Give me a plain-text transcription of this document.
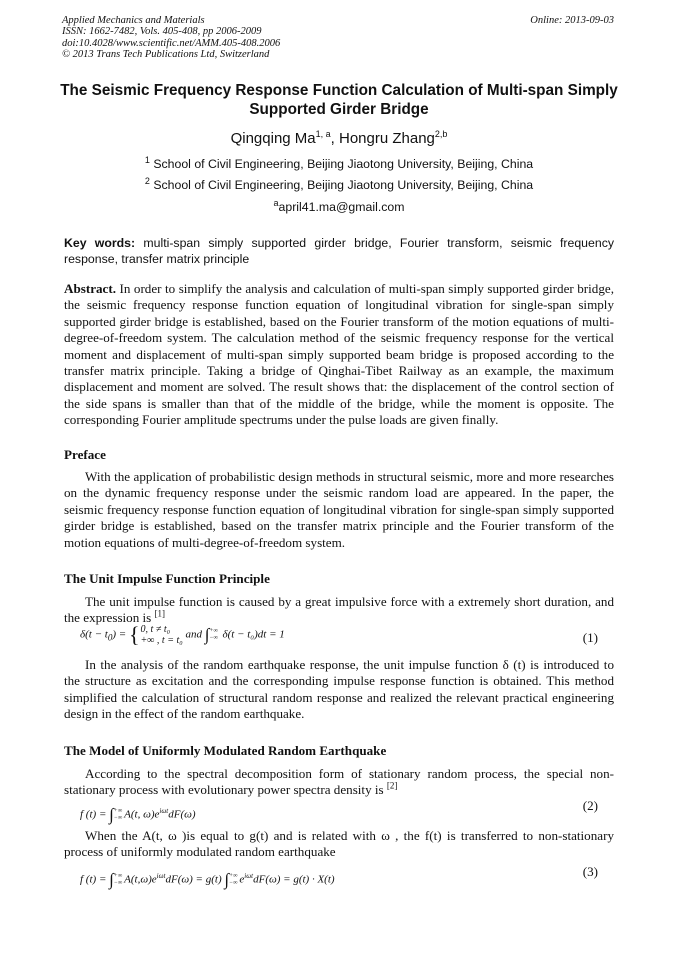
Applied Mechanics and Materials
ISSN: 1662-7482, Vols. 405-408, pp 2006-2009
doi:10.4028/www.scientific.net/AMM.405-408.2006
© 2013 Trans Tech Publications Ltd, Switzerland
Online: 2013-09-03
The Seismic Frequency Response Function Calculation of Multi-span Simply Supported Girder Bridge
Qingqing Ma$^{1, a}$, Hongru Zhang$^{2,b}$
$^1$ School of Civil Engineering, Beijing Jiaotong University, Beijing, China
$^2$ School of Civil Engineering, Beijing Jiaotong University, Beijing, China
$^a$april41.ma@gmail.com
Key words: multi-span simply supported girder bridge, Fourier transform, seismic frequency response, transfer matrix principle
Abstract. In order to simplify the analysis and calculation of multi-span simply supported girder bridge, the seismic frequency response function equation of longitudinal vibration for single-span simply supported girder bridge is established, based on the Fourier transform of the motion equations of multi-degree-of-freedom system. The calculation method of the seismic frequency response for the vertical moment and displacement of multi-span simply supported beam bridge is proposed according to the transfer matrix principle. Taking a bridge of Qinghai-Tibet Railway as an example, the maximum displacement and moment are solved. The result shows that: the displacement of the control section of the side spans is smaller than that of the middle of the bridge, while the moment is opposite. The corresponding Fourier amplitude spectrums under the pulse loads are given finally.
Preface
With the application of probabilistic design methods in structural seismic, more and more researches on the dynamic frequency response under the seismic random load are appeared. In the paper, the seismic frequency response function equation of longitudinal vibration for single-span simply supported girder bridge is established, based on the transfer matrix principle and the Fourier transform of the motion equations of multi-degree-of-freedom system.
The Unit Impulse Function Principle
The unit impulse function is caused by a great impulsive force with a extremely short duration, and the expression is [1]
$\delta(t - t_0)$ = { 0, t ≠ t₀
+∞ , t = t₀ and ∫ +∞
−∞ δ(t − t₀)dt = 1	(1)
In the analysis of the random earthquake response, the unit impulse function δ (t) is introduced to the structure as excitation and the corresponding impulse response function is obtained. This method simplified the calculation of structural random response and realized the relevant practical engineering design in the effect of the random earthquake.
The Model of Uniformly Modulated Random Earthquake
According to the spectral decomposition form of stationary random process, the special non-stationary process with evolutionary power spectra density is [2]
f (t) = ∫ +∞
−∞ A(t, $\omega)e^{i\omega t}dF(\omega)$
(2)
When the A(t, ω )is equal to g(t) and is related with ω , the f(t) is transferred to non-stationary process of uniformly modulated random earthquake
f (t) = ∫ +∞
−∞ $A(t,\omega)e^{i\omega t}dF(\omega) = g(t)$ ∫ +∞
−∞ $e^{i\omega t}dF(\omega) = g(t) \cdot X(t)$
(3)
